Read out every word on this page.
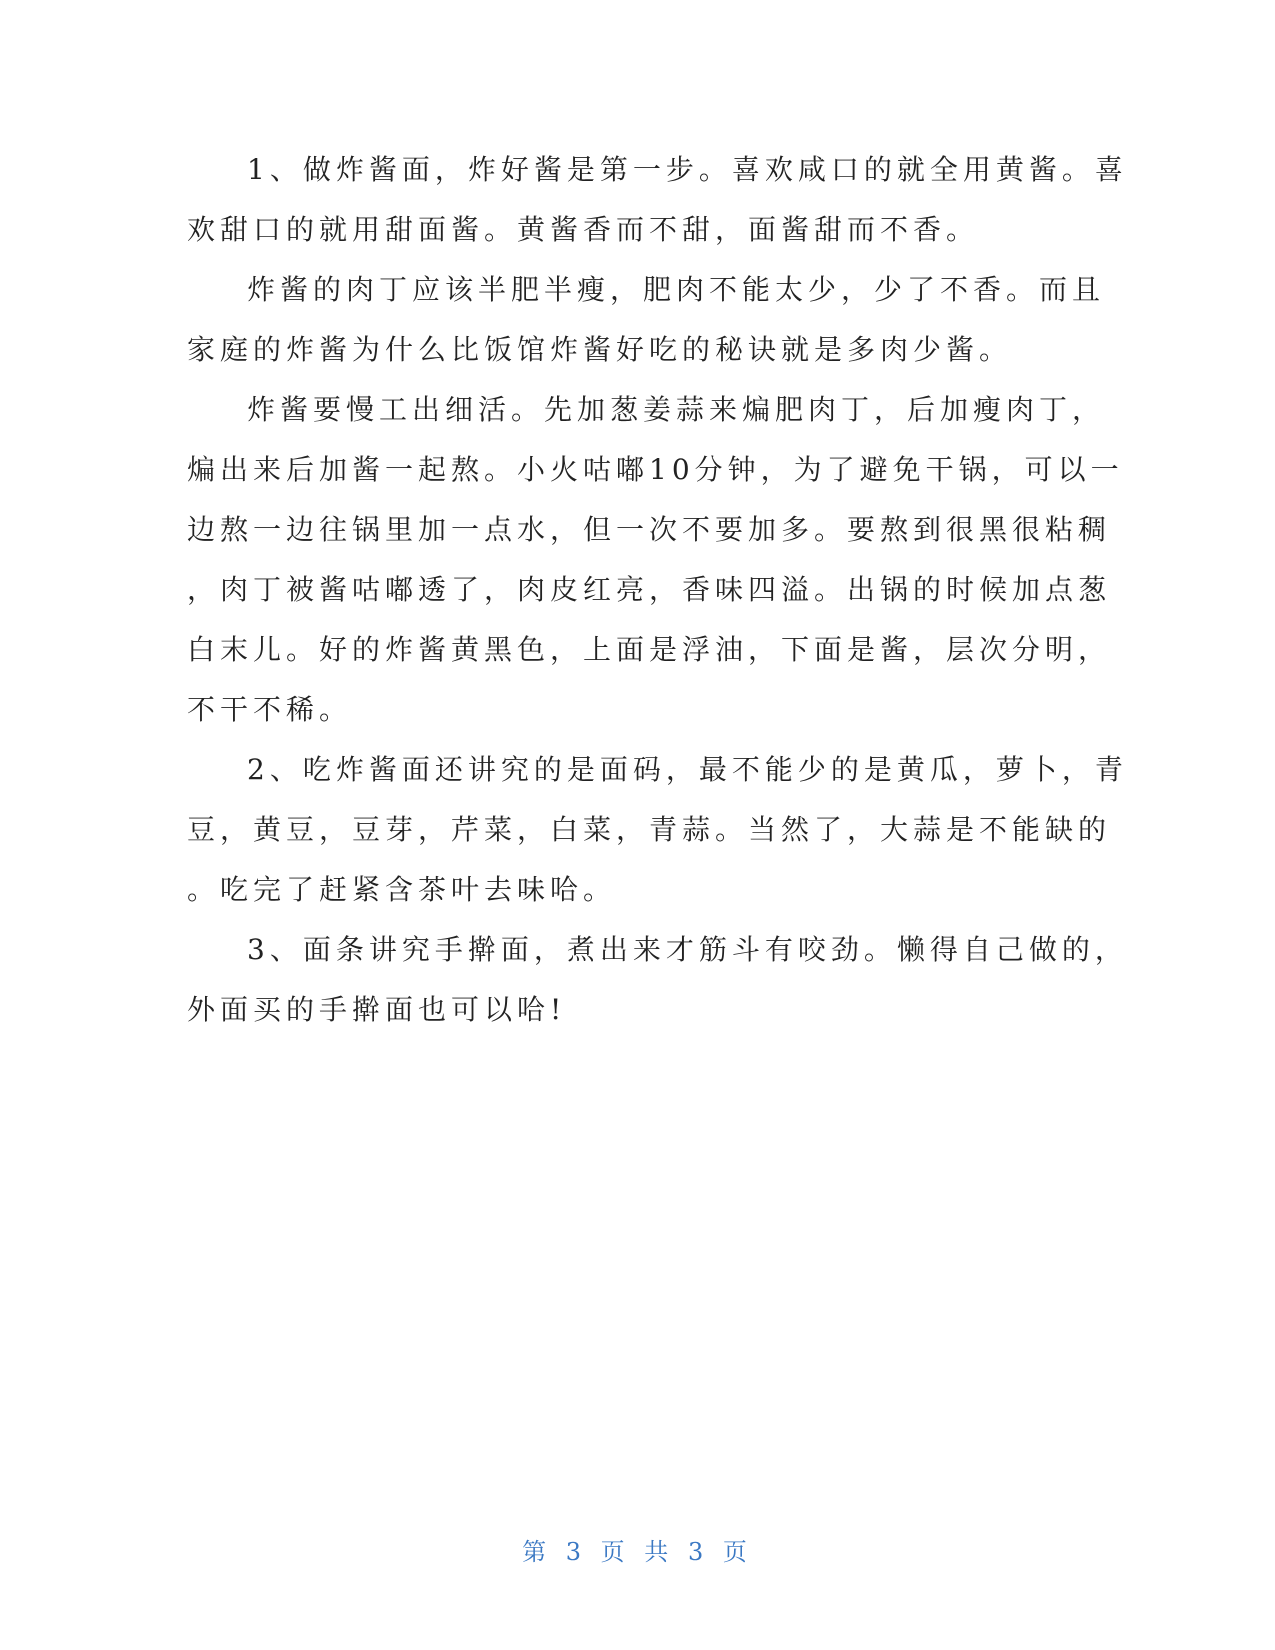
1、做炸酱面，炸好酱是第一步。喜欢咸口的就全用黄酱。喜
欢甜口的就用甜面酱。黄酱香而不甜，面酱甜而不香。
炸酱的肉丁应该半肥半瘦，肥肉不能太少，少了不香。而且
家庭的炸酱为什么比饭馆炸酱好吃的秘诀就是多肉少酱。
炸酱要慢工出细活。先加葱姜蒜来煸肥肉丁，后加瘦肉丁，
煸出来后加酱一起熬。小火咕嘟10分钟，为了避免干锅，可以一
边熬一边往锅里加一点水，但一次不要加多。要熬到很黑很粘稠
，肉丁被酱咕嘟透了，肉皮红亮，香味四溢。出锅的时候加点葱
白末儿。好的炸酱黄黑色，上面是浮油，下面是酱，层次分明，
不干不稀。
2、吃炸酱面还讲究的是面码，最不能少的是黄瓜，萝卜，青
豆，黄豆，豆芽，芹菜，白菜，青蒜。当然了，大蒜是不能缺的
。吃完了赶紧含茶叶去味哈。
3、面条讲究手擀面，煮出来才筋斗有咬劲。懒得自己做的，
外面买的手擀面也可以哈!
第 3 页 共 3 页
